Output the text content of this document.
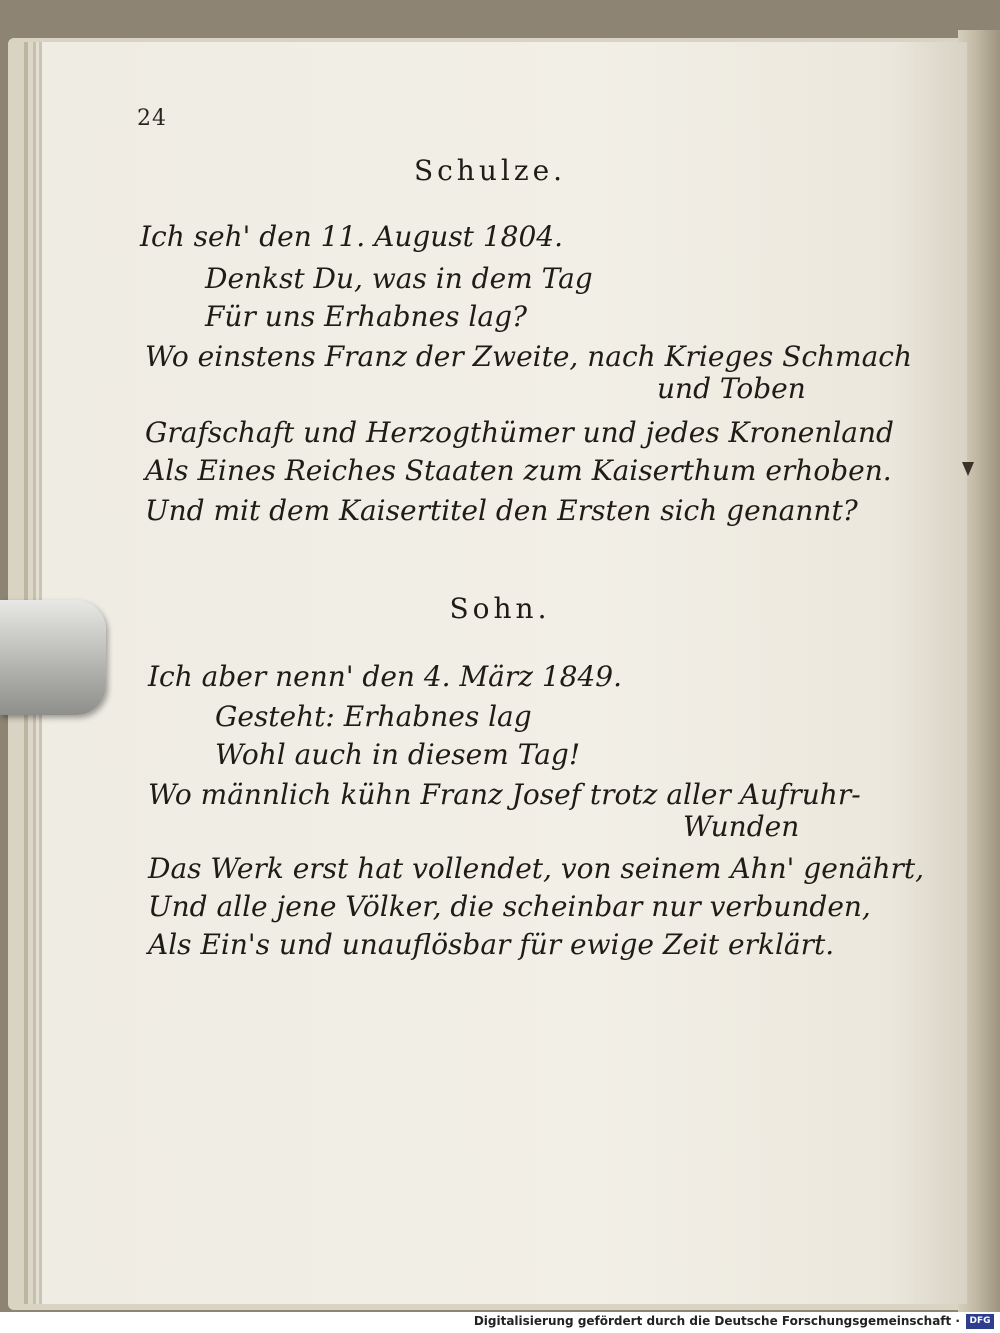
24
Schulze.
Ich seh' den 11. August 1804.
Denkst Du, was in dem Tag
Für uns Erhabnes lag?
Wo einstens Franz der Zweite, nach Krieges Schmach
und Toben
Grafschaft und Herzogthümer und jedes Kronenland
Als Eines Reiches Staaten zum Kaiserthum erhoben.
Und mit dem Kaisertitel den Ersten sich genannt?
Sohn.
Ich aber nenn' den 4. März 1849.
Gesteht: Erhabnes lag
Wohl auch in diesem Tag!
Wo männlich kühn Franz Josef trotz aller Aufruhr-
Wunden
Das Werk erst hat vollendet, von seinem Ahn' genährt,
Und alle jene Völker, die scheinbar nur verbunden,
Als Ein's und unauflösbar für ewige Zeit erklärt.
Digitalisierung gefördert durch die Deutsche Forschungsgemeinschaft ·	DFG
